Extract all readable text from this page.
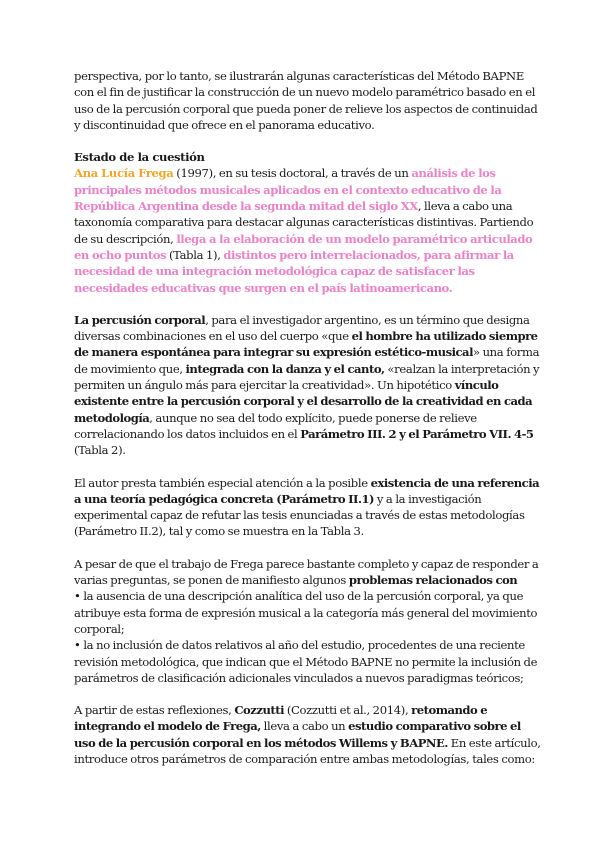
perspectiva, por lo tanto, se ilustrarán algunas características del Método BAPNE con el fin de justificar la construcción de un nuevo modelo paramétrico basado en el uso de la percusión corporal que pueda poner de relieve los aspectos de continuidad y discontinuidad que ofrece en el panorama educativo.

Estado de la cuestión

Ana Lucía Frega (1997), en su tesis doctoral, a través de un análisis de los principales métodos musicales aplicados en el contexto educativo de la República Argentina desde la segunda mitad del siglo XX, lleva a cabo una taxonomía comparativa para destacar algunas características distintivas. Partiendo de su descripción, llega a la elaboración de un modelo paramétrico articulado en ocho puntos (Tabla 1), distintos pero interrelacionados, para afirmar la necesidad de una integración metodológica capaz de satisfacer las necesidades educativas que surgen en el país latinoamericano.

La percusión corporal, para el investigador argentino, es un término que designa diversas combinaciones en el uso del cuerpo «que el hombre ha utilizado siempre de manera espontánea para integrar su expresión estético-musical» una forma de movimiento que, integrada con la danza y el canto, «realzan la interpretación y permiten un ángulo más para ejercitar la creatividad». Un hipotético vínculo existente entre la percusión corporal y el desarrollo de la creatividad en cada metodología, aunque no sea del todo explícito, puede ponerse de relieve correlacionando los datos incluidos en el Parámetro III. 2 y el Parámetro VII. 4-5 (Tabla 2).

El autor presta también especial atención a la posible existencia de una referencia a una teoría pedagógica concreta (Parámetro II.1) y a la investigación experimental capaz de refutar las tesis enunciadas a través de estas metodologías (Parámetro II.2), tal y como se muestra en la Tabla 3.

A pesar de que el trabajo de Frega parece bastante completo y capaz de responder a varias preguntas, se ponen de manifiesto algunos problemas relacionados con

• la ausencia de una descripción analítica del uso de la percusión corporal, ya que atribuye esta forma de expresión musical a la categoría más general del movimiento corporal;

• la no inclusión de datos relativos al año del estudio, procedentes de una reciente revisión metodológica, que indican que el Método BAPNE no permite la inclusión de parámetros de clasificación adicionales vinculados a nuevos paradigmas teóricos;

A partir de estas reflexiones, Cozzutti (Cozzutti et al., 2014), retomando e integrando el modelo de Frega, lleva a cabo un estudio comparativo sobre el uso de la percusión corporal en los métodos Willems y BAPNE. En este artículo, introduce otros parámetros de comparación entre ambas metodologías, tales como:
